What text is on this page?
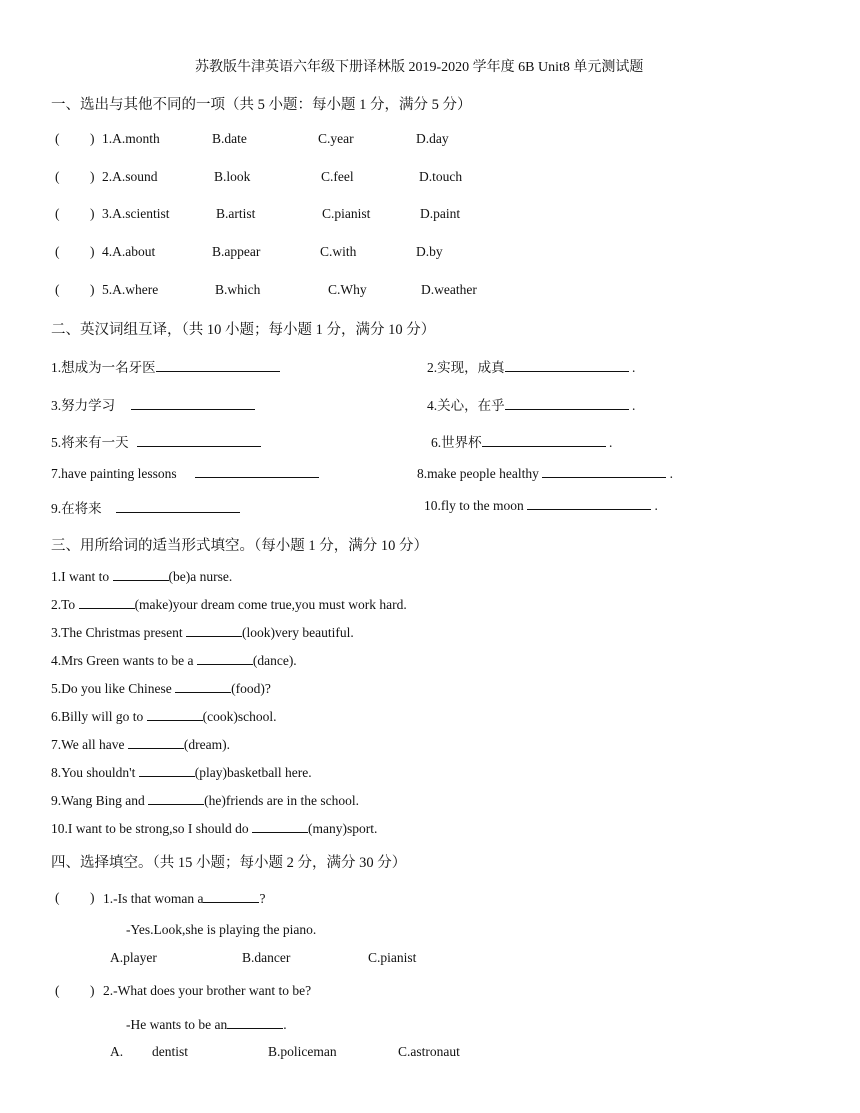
苏教版牛津英语六年级下册译林版 2019-2020 学年度 6B Unit8 单元测试题
一、选出与其他不同的一项（共 5 小题：每小题 1 分，满分 5 分）
( ) 1.A.month	B.date	C.year	D.day
( ) 2.A.sound	B.look	C.feel	D.touch
( ) 3.A.scientist	B.artist	C.pianist	D.paint
( ) 4.A.about	B.appear	C.with	D.by
( ) 5.A.where	B.which	C.Why	D.weather
二、英汉词组互译，（共 10 小题；每小题 1 分，满分 10 分）
1.想成为一名牙医	2.实现，成真	.
3.努力学习	4.关心，在乎	.
5.将来有一天	6.世界杯	.
7.have painting lessons	8.make people healthy	.
9.在将来	10.fly to the moon	.
三、用所给词的适当形式填空。（每小题 1 分，满分 10 分）
1.I want to	(be)a nurse.
2.To	(make)your dream come true,you must work hard.
3.The Christmas present	(look)very beautiful.
4.Mrs Green wants to be a	(dance).
5.Do you like Chinese	(food)?
6.Billy will go to	(cook)school.
7.We all have	(dream).
8.You shouldn't	(play)basketball here.
9.Wang Bing and	(he)friends are in the school.
10.I want to be strong,so I should do	(many)sport.
四、选择填空。（共 15 小题；每小题 2 分，满分 30 分）
( ) 1.-Is that woman a	?
-Yes.Look,she is playing the piano.
A.player	B.dancer	C.pianist
( ) 2.-What does your brother want to be?
-He wants to be an	.
A. dentist	B.policeman	C.astronaut
